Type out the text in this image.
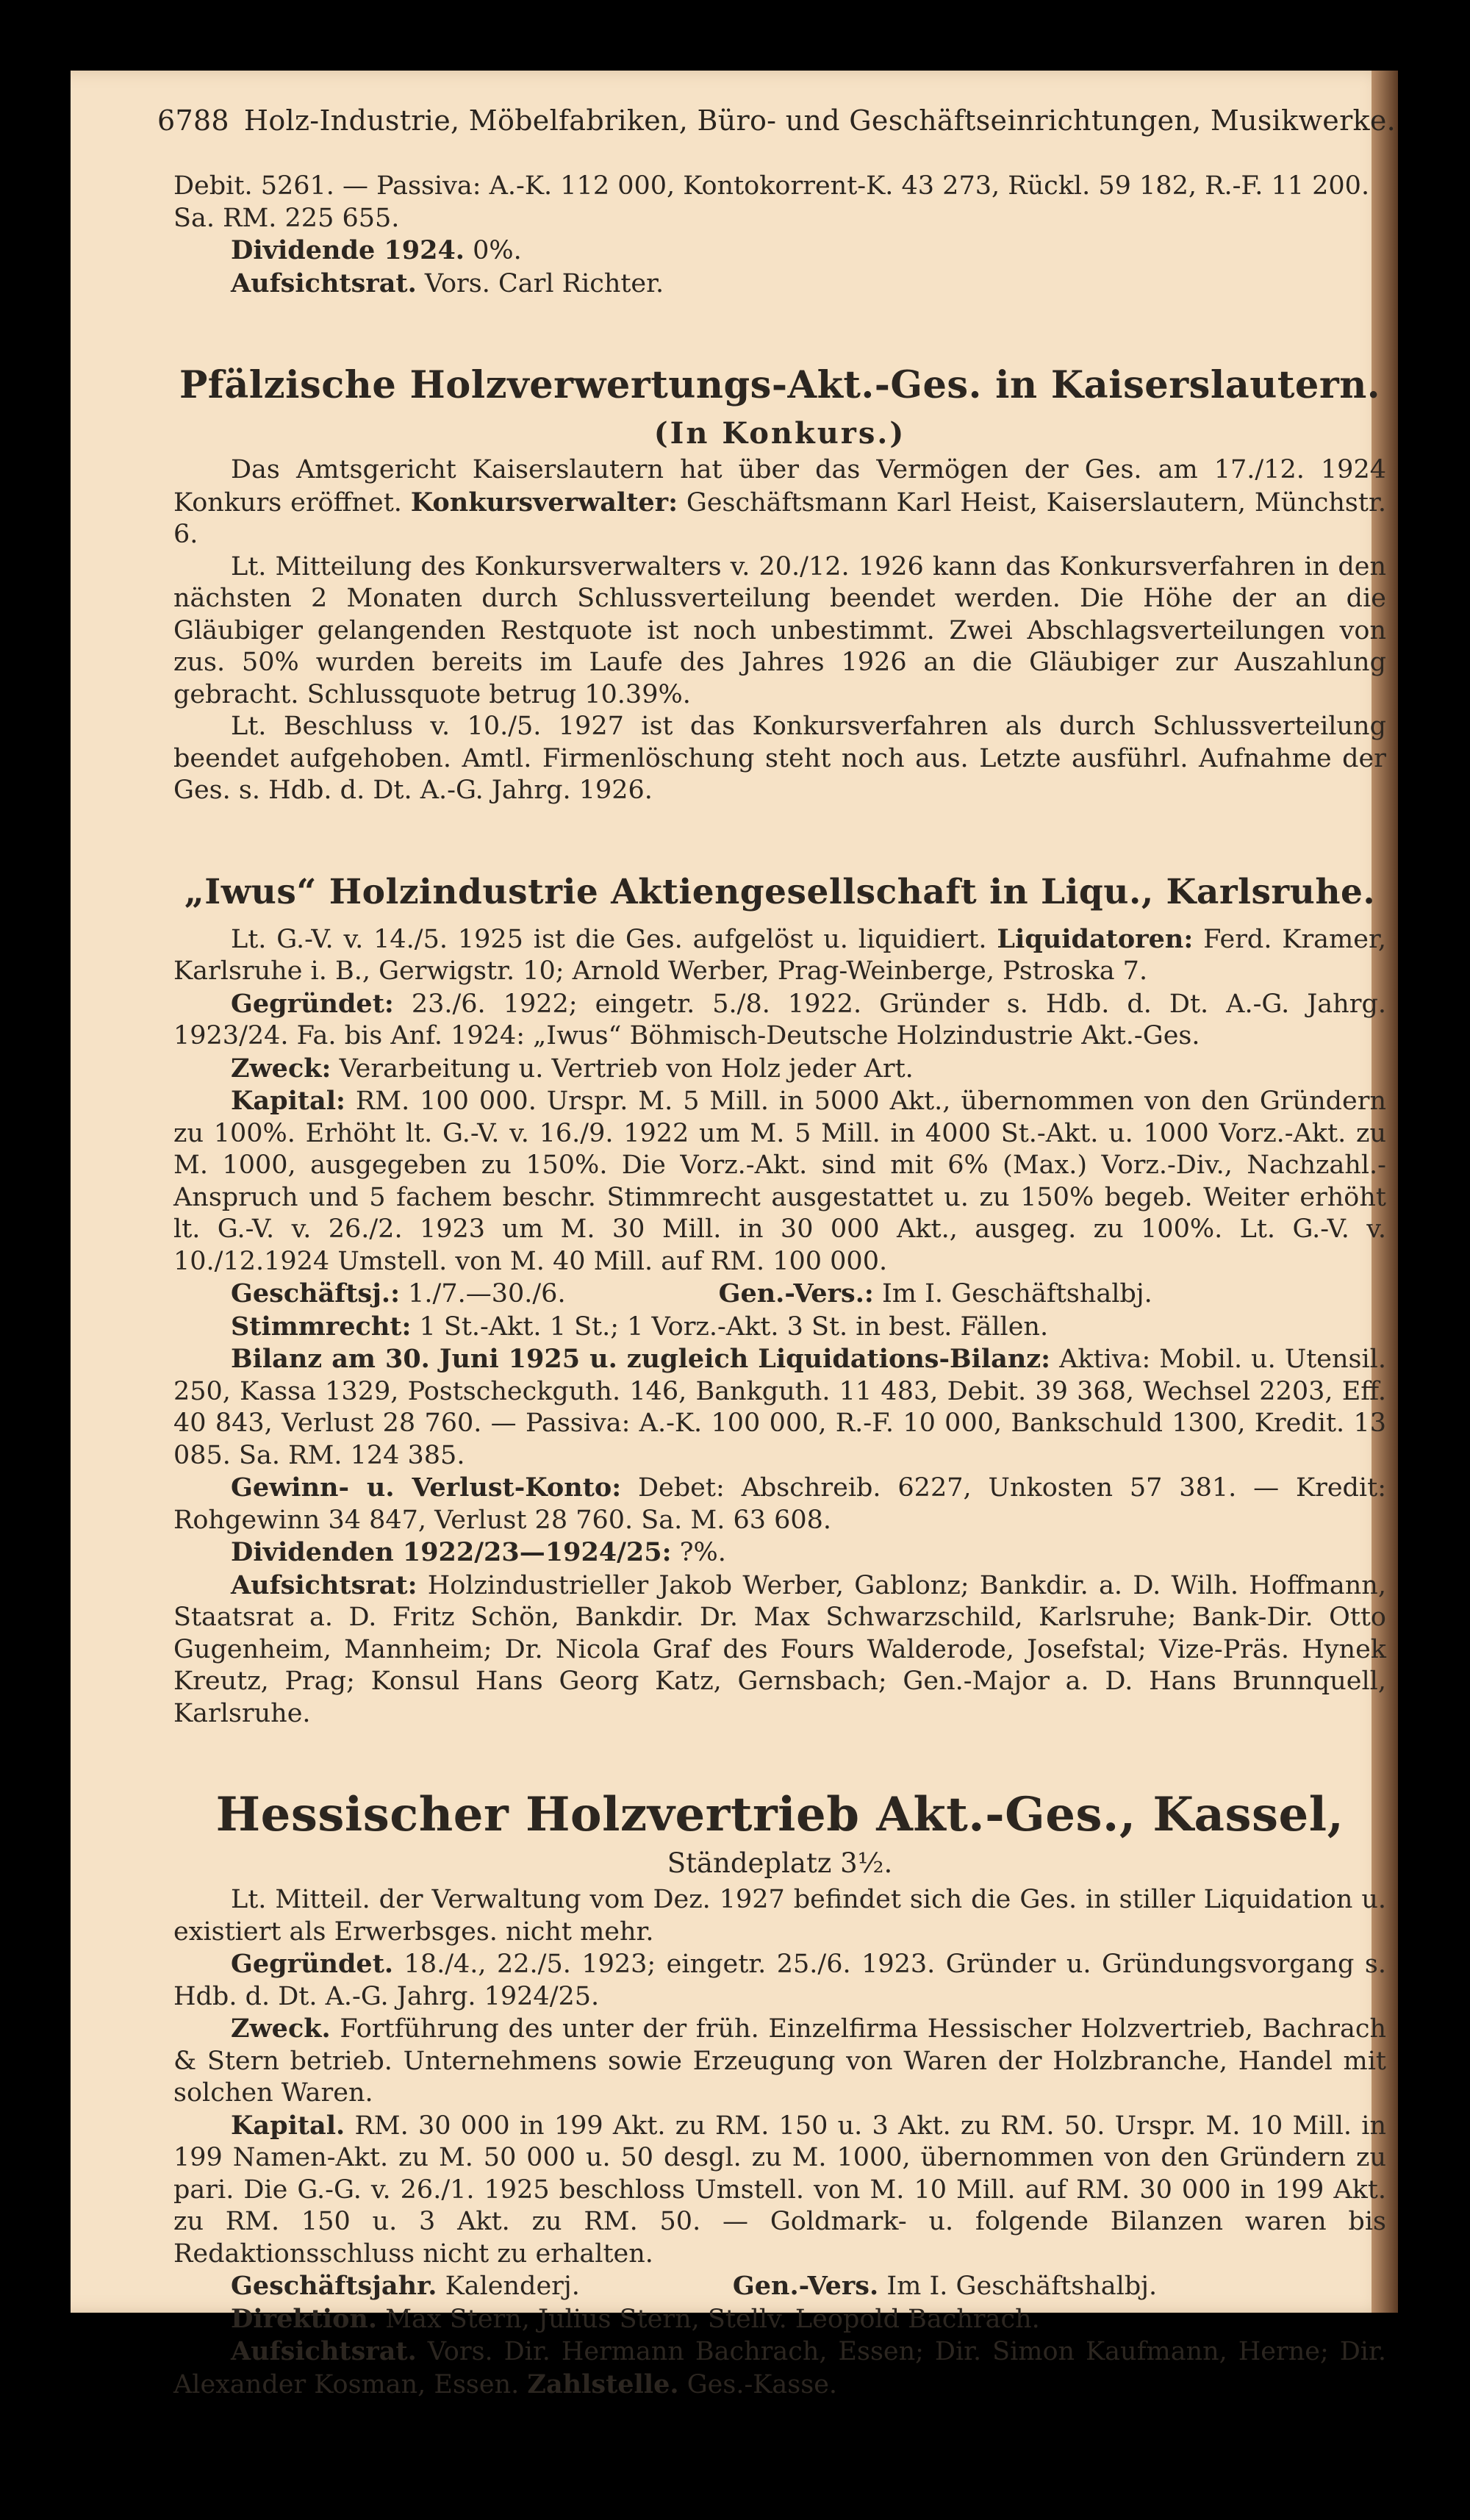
6788 Holz-Industrie, Möbelfabriken, Büro- und Geschäftseinrichtungen, Musikwerke.

Debit. 5261. — Passiva: A.-K. 112 000, Kontokorrent-K. 43 273, Rückl. 59 182, R.-F. 11 200.
Sa. RM. 225 655.

Dividende 1924. 0%.

Aufsichtsrat. Vors. Carl Richter.

Pfälzische Holzverwertungs-Akt.-Ges. in Kaiserslautern.
(In Konkurs.)

Das Amtsgericht Kaiserslautern hat über das Vermögen der Ges. am 17./12. 1924 Konkurs eröffnet. Konkursverwalter: Geschäftsmann Karl Heist, Kaiserslautern, Münchstr. 6.

Lt. Mitteilung des Konkursverwalters v. 20./12. 1926 kann das Konkursverfahren in den nächsten 2 Monaten durch Schlussverteilung beendet werden. Die Höhe der an die Gläubiger gelangenden Restquote ist noch unbestimmt. Zwei Abschlagsverteilungen von zus. 50% wurden bereits im Laufe des Jahres 1926 an die Gläubiger zur Auszahlung gebracht. Schlussquote betrug 10.39%.

Lt. Beschluss v. 10./5. 1927 ist das Konkursverfahren als durch Schlussverteilung beendet aufgehoben. Amtl. Firmenlöschung steht noch aus. Letzte ausführl. Aufnahme der Ges. s. Hdb. d. Dt. A.-G. Jahrg. 1926.

„Iwus“ Holzindustrie Aktiengesellschaft in Liqu., Karlsruhe.

Lt. G.-V. v. 14./5. 1925 ist die Ges. aufgelöst u. liquidiert. Liquidatoren: Ferd. Kramer, Karlsruhe i. B., Gerwigstr. 10; Arnold Werber, Prag-Weinberge, Pstroska 7.

Gegründet: 23./6. 1922; eingetr. 5./8. 1922. Gründer s. Hdb. d. Dt. A.-G. Jahrg. 1923/24. Fa. bis Anf. 1924: „Iwus“ Böhmisch-Deutsche Holzindustrie Akt.-Ges.

Zweck: Verarbeitung u. Vertrieb von Holz jeder Art.

Kapital: RM. 100 000. Urspr. M. 5 Mill. in 5000 Akt., übernommen von den Gründern zu 100%. Erhöht lt. G.-V. v. 16./9. 1922 um M. 5 Mill. in 4000 St.-Akt. u. 1000 Vorz.-Akt. zu M. 1000, ausgegeben zu 150%. Die Vorz.-Akt. sind mit 6% (Max.) Vorz.-Div., Nachzahl.-Anspruch und 5 fachem beschr. Stimmrecht ausgestattet u. zu 150% begeb. Weiter erhöht lt. G.-V. v. 26./2. 1923 um M. 30 Mill. in 30 000 Akt., ausgeg. zu 100%. Lt. G.-V. v. 10./12.1924 Umstell. von M. 40 Mill. auf RM. 100 000.

Geschäftsj.: 1./7.—30./6.	Gen.-Vers.: Im I. Geschäftshalbj.

Stimmrecht: 1 St.-Akt. 1 St.; 1 Vorz.-Akt. 3 St. in best. Fällen.

Bilanz am 30. Juni 1925 u. zugleich Liquidations-Bilanz: Aktiva: Mobil. u. Utensil. 250, Kassa 1329, Postscheckguth. 146, Bankguth. 11 483, Debit. 39 368, Wechsel 2203, Eff. 40 843, Verlust 28 760. — Passiva: A.-K. 100 000, R.-F. 10 000, Bankschuld 1300, Kredit. 13 085. Sa. RM. 124 385.

Gewinn- u. Verlust-Konto: Debet: Abschreib. 6227, Unkosten 57 381. — Kredit: Rohgewinn 34 847, Verlust 28 760. Sa. M. 63 608.

Dividenden 1922/23—1924/25: ?%.

Aufsichtsrat: Holzindustrieller Jakob Werber, Gablonz; Bankdir. a. D. Wilh. Hoffmann, Staatsrat a. D. Fritz Schön, Bankdir. Dr. Max Schwarzschild, Karlsruhe; Bank-Dir. Otto Gugenheim, Mannheim; Dr. Nicola Graf des Fours Walderode, Josefstal; Vize-Präs. Hynek Kreutz, Prag; Konsul Hans Georg Katz, Gernsbach; Gen.-Major a. D. Hans Brunnquell, Karlsruhe.

Hessischer Holzvertrieb Akt.-Ges., Kassel,
Ständeplatz 3½.

Lt. Mitteil. der Verwaltung vom Dez. 1927 befindet sich die Ges. in stiller Liquidation u. existiert als Erwerbsges. nicht mehr.

Gegründet. 18./4., 22./5. 1923; eingetr. 25./6. 1923. Gründer u. Gründungsvorgang s. Hdb. d. Dt. A.-G. Jahrg. 1924/25.

Zweck. Fortführung des unter der früh. Einzelfirma Hessischer Holzvertrieb, Bachrach & Stern betrieb. Unternehmens sowie Erzeugung von Waren der Holzbranche, Handel mit solchen Waren.

Kapital. RM. 30 000 in 199 Akt. zu RM. 150 u. 3 Akt. zu RM. 50. Urspr. M. 10 Mill. in 199 Namen-Akt. zu M. 50 000 u. 50 desgl. zu M. 1000, übernommen von den Gründern zu pari. Die G.-G. v. 26./1. 1925 beschloss Umstell. von M. 10 Mill. auf RM. 30 000 in 199 Akt. zu RM. 150 u. 3 Akt. zu RM. 50. — Goldmark- u. folgende Bilanzen waren bis Redaktionsschluss nicht zu erhalten.

Geschäftsjahr. Kalenderj.	Gen.-Vers. Im I. Geschäftshalbj.

Direktion. Max Stern, Julius Stern, Stellv. Leopold Bachrach.

Aufsichtsrat. Vors. Dir. Hermann Bachrach, Essen; Dir. Simon Kaufmann, Herne; Dir. Alexander Kosman, Essen. Zahlstelle. Ges.-Kasse.
